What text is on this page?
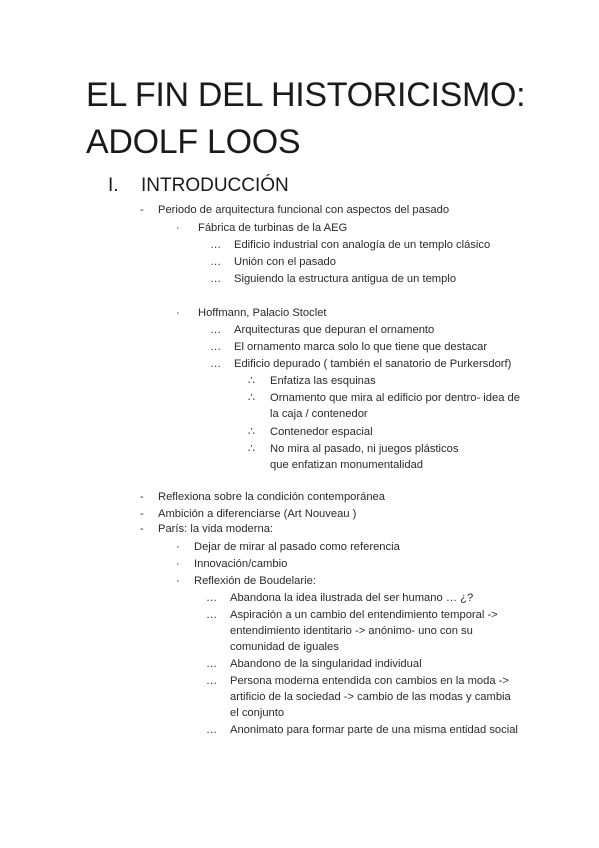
EL FIN DEL HISTORICISMO:
ADOLF LOOS
I. INTRODUCCIÓN
- Periodo de arquitectura funcional con aspectos del pasado
· Fábrica de turbinas de la AEG
… Edificio industrial con analogía de un templo clásico
… Unión con el pasado
… Siguiendo la estructura antigua de un templo
· Hoffmann, Palacio Stoclet
… Arquitecturas que depuran el ornamento
… El ornamento marca solo lo que tiene que destacar
… Edificio depurado ( también el sanatorio de Purkersdorf)
∴ Enfatiza las esquinas
∴ Ornamento que mira al edificio por dentro- idea de la caja / contenedor
∴ Contenedor espacial
∴ No mira al pasado, ni juegos plásticos que enfatizan monumentalidad
- Reflexiona sobre la condición contemporánea
- Ambición a diferenciarse (Art Nouveau )
- París: la vida moderna:
· Dejar de mirar al pasado como referencia
· Innovación/cambio
· Reflexión de Boudelarie:
… Abandona la idea ilustrada del ser humano … ¿?
… Aspiración a un cambio del entendimiento temporal -> entendimiento identitario -> anónimo- uno con su comunidad de iguales
… Abandono de la singularidad individual
… Persona moderna entendida con cambios en la moda -> artificio de la sociedad -> cambio de las modas y cambia el conjunto
… Anonimato para formar parte de una misma entidad social
